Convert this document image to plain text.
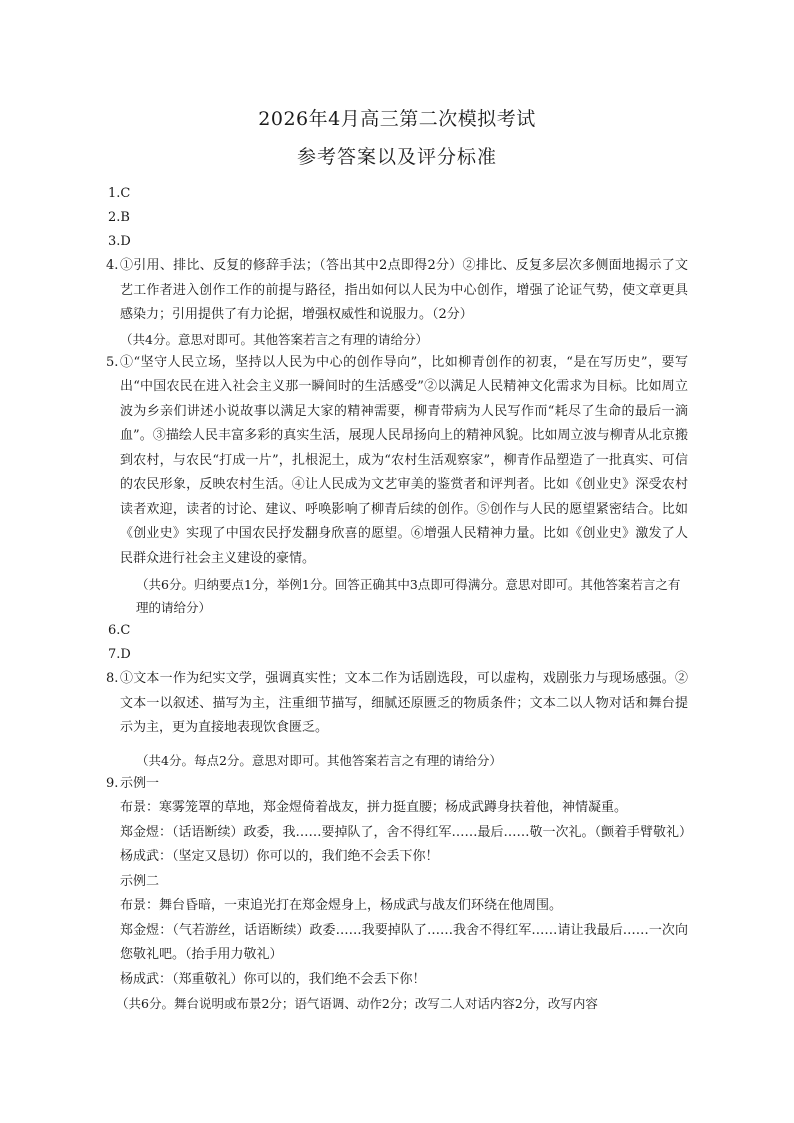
2026年4月高三第二次模拟考试
参考答案以及评分标准

1.C

2.B

3.D

4. ①引用、排比、反复的修辞手法；（答出其中2点即得2分）②排比、反复多层次多侧面地揭示了文艺工作者进入创作工作的前提与路径，指出如何以人民为中心创作，增强了论证气势，使文章更具感染力；引用提供了有力论据，增强权威性和说服力。（2分）

（共4分。意思对即可。其他答案若言之有理的请给分）

5. ①“坚守人民立场，坚持以人民为中心的创作导向”，比如柳青创作的初衷，“是在写历史”，要写出“中国农民在进入社会主义那一瞬间时的生活感受”②以满足人民精神文化需求为目标。比如周立波为乡亲们讲述小说故事以满足大家的精神需要，柳青带病为人民写作而“耗尽了生命的最后一滴血”。③描绘人民丰富多彩的真实生活，展现人民昂扬向上的精神风貌。比如周立波与柳青从北京搬到农村，与农民“打成一片”，扎根泥土，成为“农村生活观察家”，柳青作品塑造了一批真实、可信的农民形象，反映农村生活。④让人民成为文艺审美的鉴赏者和评判者。比如《创业史》深受农村读者欢迎，读者的讨论、建议、呼唤影响了柳青后续的创作。⑤创作与人民的愿望紧密结合。比如《创业史》实现了中国农民抒发翻身欣喜的愿望。⑥增强人民精神力量。比如《创业史》激发了人民群众进行社会主义建设的豪情。

（共6分。归纳要点1分，举例1分。回答正确其中3点即可得满分。意思对即可。其他答案若言之有理的请给分）

6.C

7.D

8. ①文本一作为纪实文学，强调真实性；文本二作为话剧选段，可以虚构，戏剧张力与现场感强。②文本一以叙述、描写为主，注重细节描写，细腻还原匮乏的物质条件；文本二以人物对话和舞台提示为主，更为直接地表现饮食匮乏。

（共4分。每点2分。意思对即可。其他答案若言之有理的请给分）

9. 示例一

布景：寒雾笼罩的草地，郑金煜倚着战友，拼力挺直腰；杨成武蹲身扶着他，神情凝重。

郑金煜：（话语断续）政委，我……要掉队了，舍不得红军……最后……敬一次礼。（颤着手臂敬礼）

杨成武：（坚定又恳切）你可以的，我们绝不会丢下你！

示例二

布景：舞台昏暗，一束追光打在郑金煜身上，杨成武与战友们环绕在他周围。

郑金煜：（气若游丝，话语断续）政委……我要掉队了……我舍不得红军……请让我最后……一次向您敬礼吧。（抬手用力敬礼）

杨成武：（郑重敬礼）你可以的，我们绝不会丢下你！

（共6分。舞台说明或布景2分；语气语调、动作2分；改写二人对话内容2分，改写内容
